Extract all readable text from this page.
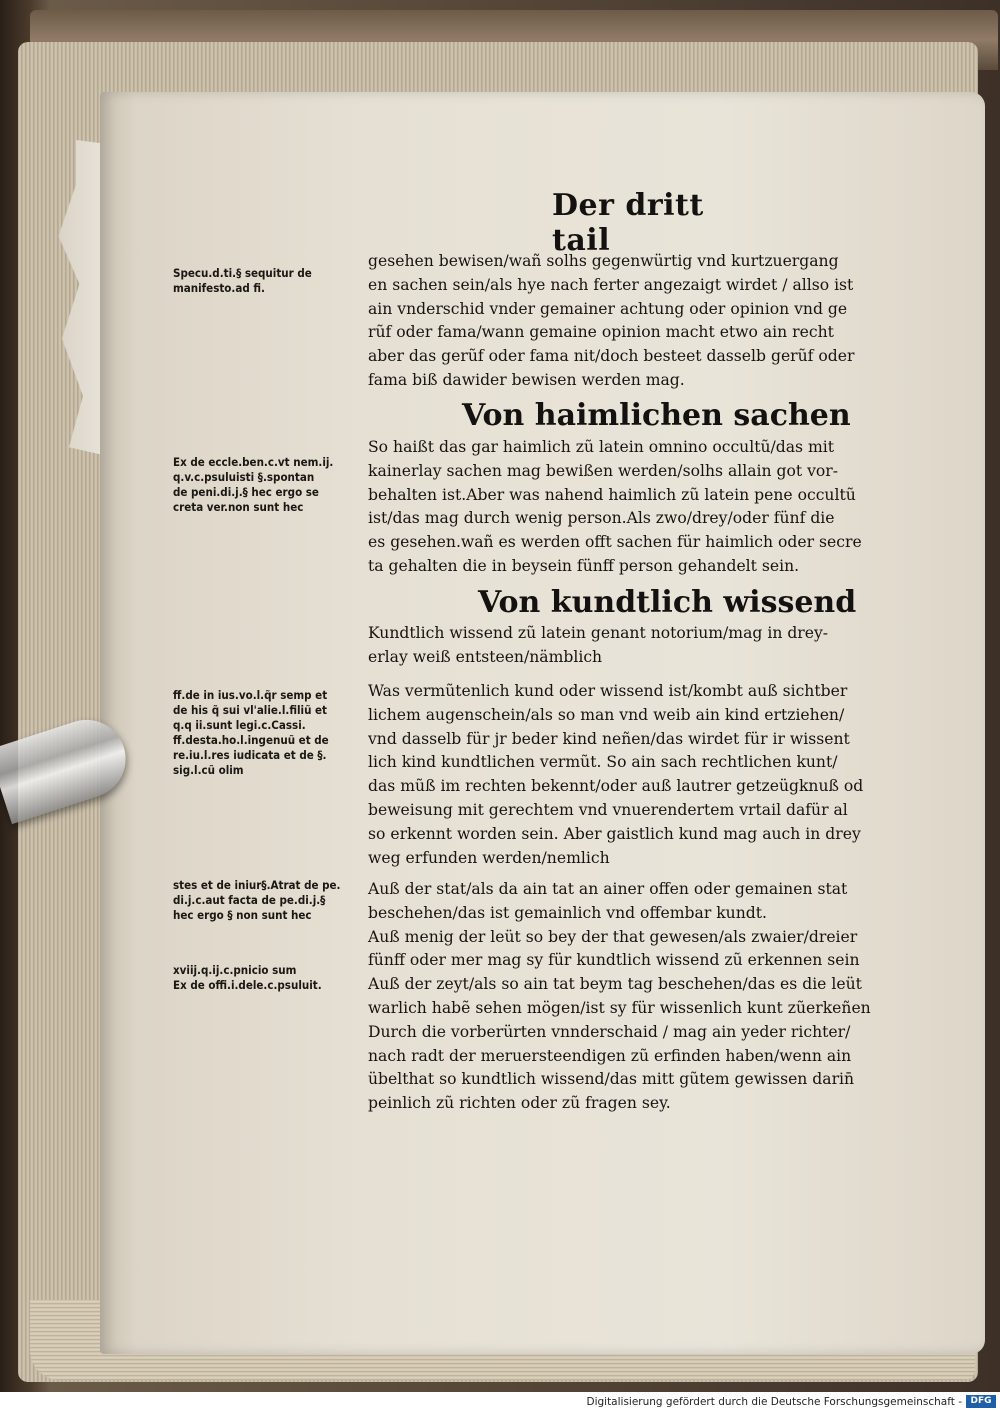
Der dritt tail
Specu.d.ti.§ sequitur de
manifesto.ad fi.
Ex de eccle.ben.c.vt nem.ij.
q.v.c.psuluisti §.spontan
de peni.di.j.§ hec ergo se
creta ver.non sunt hec
ff.de in ius.vo.l.q̃r semp et
de his q̃ sui vl'alie.l.filiũ et
q.q ii.sunt legi.c.Cassi.
ff.desta.ho.l.ingenuũ et de
re.iu.l.res iudicata et de §.
sig.l.cũ olim
stes et de iniur§.Atrat de pe.
di.j.c.aut facta de pe.di.j.§
hec ergo § non sunt hec
xviij.q.ij.c.pnicio sum
Ex de offi.i.dele.c.psuluit.
gesehen bewisen/wañ solhs gegenwürtig vnd kurtzuergang
en sachen sein/als hye nach ferter angezaigt wirdet / allso ist
ain vnderschid vnder gemainer achtung oder opinion vnd ge
rũf oder fama/wann gemaine opinion macht etwo ain recht
aber das gerũf oder fama nit/doch besteet dasselb gerũf oder
fama biß dawider bewisen werden mag.
Von haimlichen sachen
So haißt das gar haimlich zũ latein omnino occultũ/das mit
kainerlay sachen mag bewißen werden/solhs allain got vor-
behalten ist.Aber was nahend haimlich zũ latein pene occultũ
ist/das mag durch wenig person.Als zwo/drey/oder fünf die
es gesehen.wañ es werden offt sachen für haimlich oder secre
ta gehalten die in beysein fünff person gehandelt sein.
Von kundtlich wissend
Kundtlich wissend zũ latein genant notorium/mag in drey-
erlay weiß entsteen/nämblich
Was vermũtenlich kund oder wissend ist/kombt auß sichtber
lichem augenschein/als so man vnd weib ain kind ertziehen/
vnd dasselb für jr beder kind neñen/das wirdet für ir wissent
lich kind kundtlichen vermũt. So ain sach rechtlichen kunt/
das mũß im rechten bekennt/oder auß lautrer getzeügknuß od
beweisung mit gerechtem vnd vnuerendertem vrtail dafür al
so erkennt worden sein. Aber gaistlich kund mag auch in drey
weg erfunden werden/nemlich
Auß der stat/als da ain tat an ainer offen oder gemainen stat
beschehen/das ist gemainlich vnd offembar kundt.
Auß menig der leüt so bey der that gewesen/als zwaier/dreier
fünff oder mer mag sy für kundtlich wissend zũ erkennen sein
Auß der zeyt/als so ain tat beym tag beschehen/das es die leüt
warlich habẽ sehen mögen/ist sy für wissenlich kunt zũerkeñen
Durch die vorberürten vnnderschaid / mag ain yeder richter/
nach radt der meruersteendigen zũ erfinden haben/wenn ain
übelthat so kundtlich wissend/das mitt gũtem gewissen darin̄
peinlich zũ richten oder zũ fragen sey.
Digitalisierung gefördert durch die Deutsche Forschungsgemeinschaft - DFG
